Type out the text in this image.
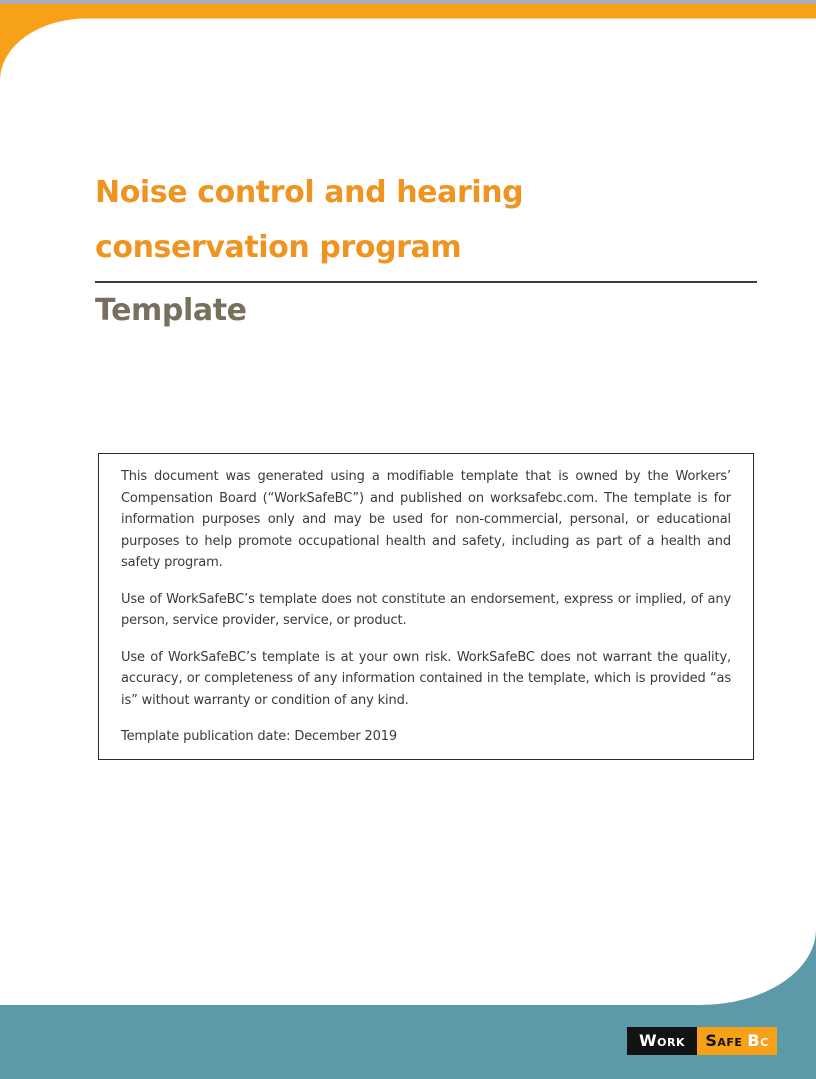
Noise control and hearing
conservation program
Template

This document was generated using a modifiable template that is owned by the Workers’ Compensation Board (“WorkSafeBC”) and published on worksafebc.com. The template is for information purposes only and may be used for non-commercial, personal, or educational purposes to help promote occupational health and safety, including as part of a health and safety program.

Use of WorkSafeBC’s template does not constitute an endorsement, express or implied, of any person, service provider, service, or product.

Use of WorkSafeBC’s template is at your own risk. WorkSafeBC does not warrant the quality, accuracy, or completeness of any information contained in the template, which is provided “as is” without warranty or condition of any kind.

Template publication date: December 2019

WORK SAFE BC
